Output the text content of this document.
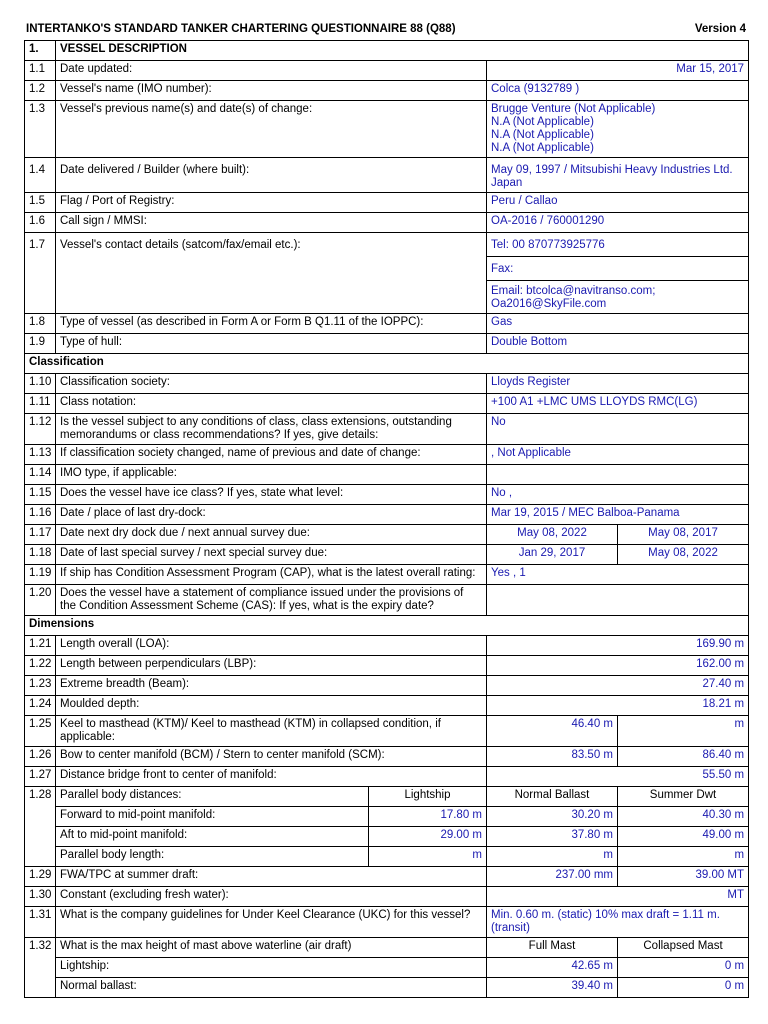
INTERTANKO'S STANDARD TANKER CHARTERING QUESTIONNAIRE 88 (Q88)	Version 4
1.	VESSEL DESCRIPTION			
1.1	Date updated:		Mar 15, 2017	
1.2	Vessel's name (IMO number):		Colca (9132789 )	
1.3	Vessel's previous name(s) and date(s) of change:		Brugge Venture (Not Applicable)
N.A (Not Applicable)
N.A (Not Applicable)
N.A (Not Applicable)	

1.4	Date delivered / Builder (where built):		May 09, 1997 / Mitsubishi Heavy Industries Ltd.
Japan	

1.5	Flag / Port of Registry:		Peru / Callao	
1.6	Call sign / MMSI:		OA-2016 / 760001290	
1.7	Vessel's contact details (satcom/fax/email etc.):		Tel: 00 870773925776	
			Fax:	

			Email: btcolca@navitranso.com;
Oa2016@SkyFile.com	

1.8	Type of vessel (as described in Form A or Form B Q1.11 of the IOPPC):		Gas	
1.9	Type of hull:		Double Bottom	
Classification				
1.10	Classification society:		Lloyds Register	
1.11	Class notation:		+100 A1 +LMC UMS LLOYDS RMC(LG)	
1.12	Is the vessel subject to any conditions of class, class extensions, outstanding
memorandums or class recommendations? If yes, give details:		No	
1.13	If classification society changed, name of previous and date of change:		, Not Applicable	
1.14	IMO type, if applicable:			
1.15	Does the vessel have ice class? If yes, state what level:		No ,	
1.16	Date / place of last dry-dock:		Mar 19, 2015 / MEC Balboa-Panama	
1.17	Date next dry dock due / next annual survey due:		May 08, 2022	May 08, 2017
1.18	Date of last special survey / next special survey due:		Jan 29, 2017	May 08, 2022
1.19	If ship has Condition Assessment Program (CAP), what is the latest overall rating:		Yes , 1	
1.20	Does the vessel have a statement of compliance issued under the provisions of
the Condition Assessment Scheme (CAS): If yes, what is the expiry date?			

Dimensions				
1.21	Length overall (LOA):		169.90 m	
1.22	Length between perpendiculars (LBP):		162.00 m	
1.23	Extreme breadth (Beam):		27.40 m	
1.24	Moulded depth:		18.21 m	
1.25	Keel to masthead (KTM)/ Keel to masthead (KTM) in collapsed condition, if
applicable:		46.40 m	m
1.26	Bow to center manifold (BCM) / Stern to center manifold (SCM):		83.50 m	86.40 m
1.27	Distance bridge front to center of manifold:		55.50 m	
1.28	Parallel body distances:	Lightship	Normal Ballast	Summer Dwt
	Forward to mid-point manifold:	17.80 m	30.20 m	40.30 m
	Aft to mid-point manifold:	29.00 m	37.80 m	49.00 m
	Parallel body length:	m	m	m
1.29	FWA/TPC at summer draft:		237.00 mm	39.00 MT
1.30	Constant (excluding fresh water):		MT	
1.31	What is the company guidelines for Under Keel Clearance (UKC) for this vessel?		Min. 0.60 m. (static) 10% max draft = 1.11 m.
(transit)	

1.32	What is the max height of mast above waterline (air draft)		Full Mast	Collapsed Mast
	Lightship:		42.65 m	0 m
	Normal ballast:		39.40 m	0 m
